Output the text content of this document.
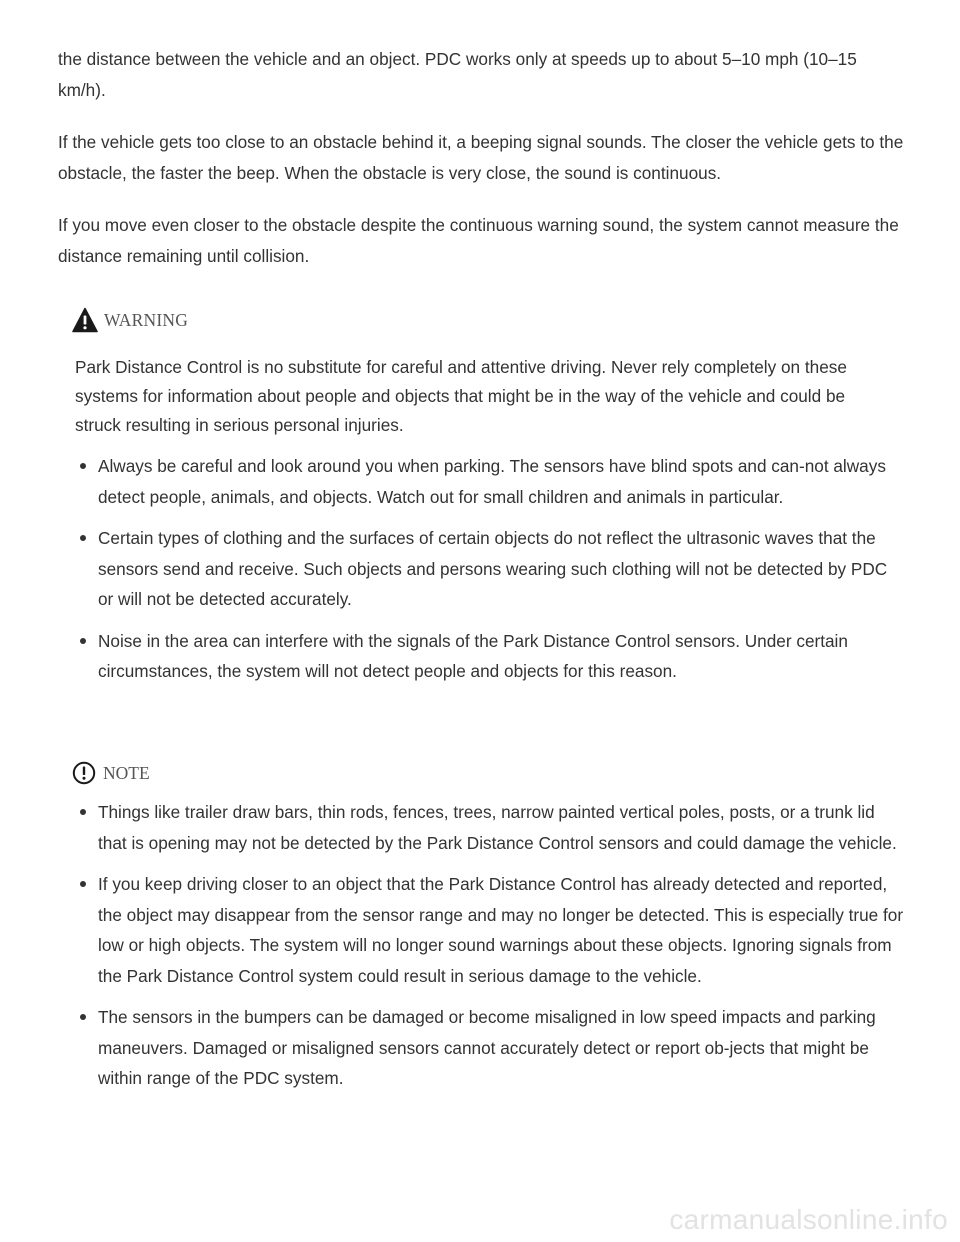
the distance between the vehicle and an object. PDC works only at speeds up to about 5–10 mph (10–15 km/h).

If the vehicle gets too close to an obstacle behind it, a beeping signal sounds. The closer the vehicle gets to the obstacle, the faster the beep. When the obstacle is very close, the sound is continuous.

If you move even closer to the obstacle despite the continuous warning sound, the system cannot measure the distance remaining until collision.

WARNING

Park Distance Control is no substitute for careful and attentive driving. Never rely completely on these systems for information about people and objects that might be in the way of the vehicle and could be struck resulting in serious personal injuries.

Always be careful and look around you when parking. The sensors have blind spots and can-not always detect people, animals, and objects. Watch out for small children and animals in particular.
Certain types of clothing and the surfaces of certain objects do not reflect the ultrasonic waves that the sensors send and receive. Such objects and persons wearing such clothing will not be detected by PDC or will not be detected accurately.
Noise in the area can interfere with the signals of the Park Distance Control sensors. Under certain circumstances, the system will not detect people and objects for this reason.
NOTE
Things like trailer draw bars, thin rods, fences, trees, narrow painted vertical poles, posts, or a trunk lid that is opening may not be detected by the Park Distance Control sensors and could damage the vehicle.
If you keep driving closer to an object that the Park Distance Control has already detected and reported, the object may disappear from the sensor range and may no longer be detected. This is especially true for low or high objects. The system will no longer sound warnings about these objects. Ignoring signals from the Park Distance Control system could result in serious damage to the vehicle.
The sensors in the bumpers can be damaged or become misaligned in low speed impacts and parking maneuvers. Damaged or misaligned sensors cannot accurately detect or report ob-jects that might be within range of the PDC system.
carmanualsonline.info
